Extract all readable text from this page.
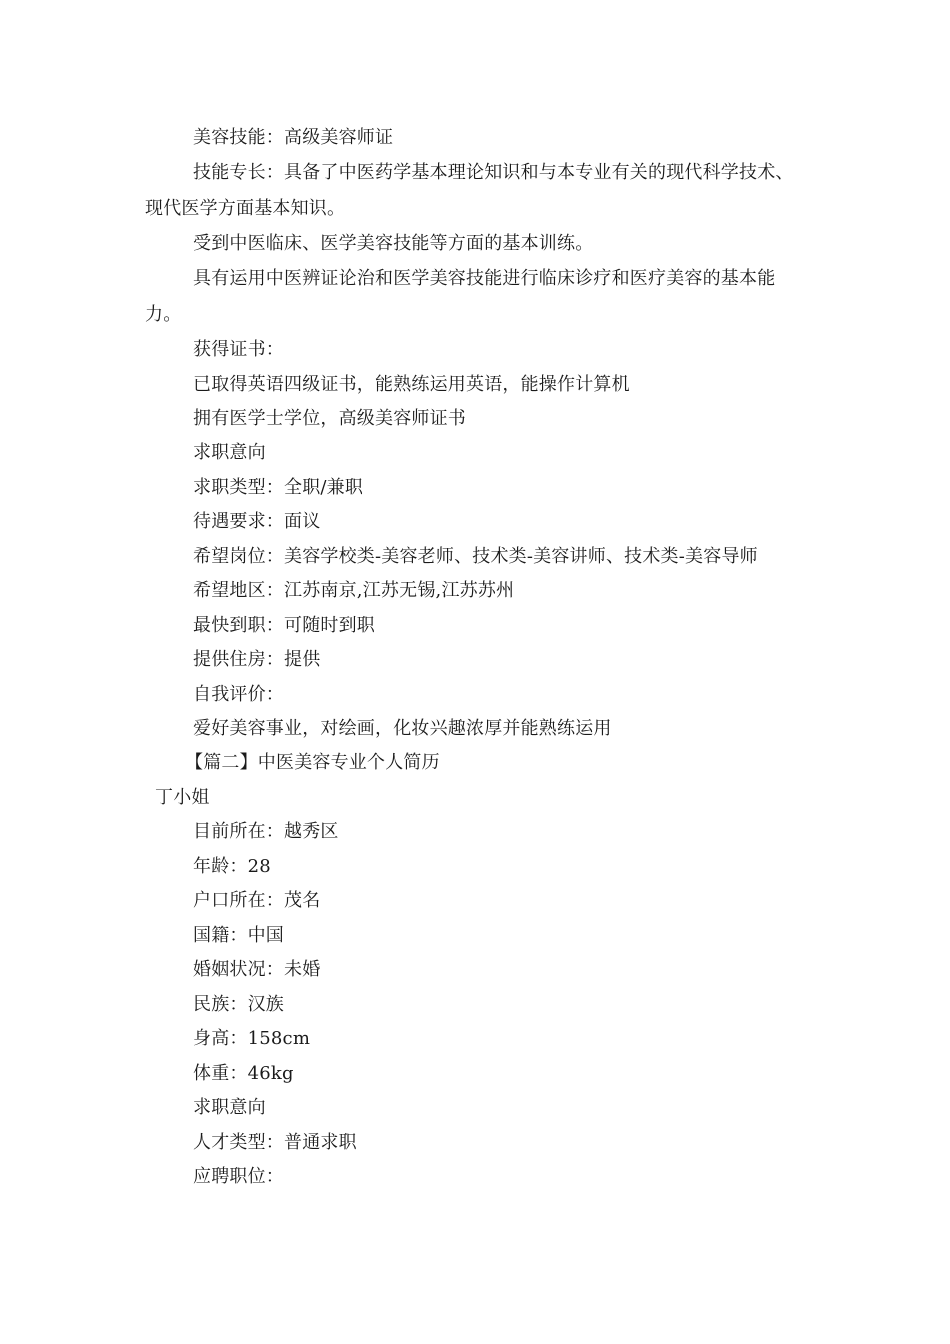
美容技能：高级美容师证
技能专长：具备了中医药学基本理论知识和与本专业有关的现代科学技术、
现代医学方面基本知识。
受到中医临床、医学美容技能等方面的基本训练。
具有运用中医辨证论治和医学美容技能进行临床诊疗和医疗美容的基本能
力。
获得证书：
已取得英语四级证书，能熟练运用英语，能操作计算机
拥有医学士学位，高级美容师证书
求职意向
求职类型：全职/兼职
待遇要求：面议
希望岗位：美容学校类-美容老师、技术类-美容讲师、技术类-美容导师
希望地区：江苏南京,江苏无锡,江苏苏州
最快到职：可随时到职
提供住房：提供
自我评价：
爱好美容事业，对绘画，化妆兴趣浓厚并能熟练运用
【篇二】中医美容专业个人简历
丁小姐
目前所在：越秀区
年龄：28
户口所在：茂名
国籍：中国
婚姻状况：未婚
民族：汉族
身高：158cm
体重：46kg
求职意向
人才类型：普通求职
应聘职位：
